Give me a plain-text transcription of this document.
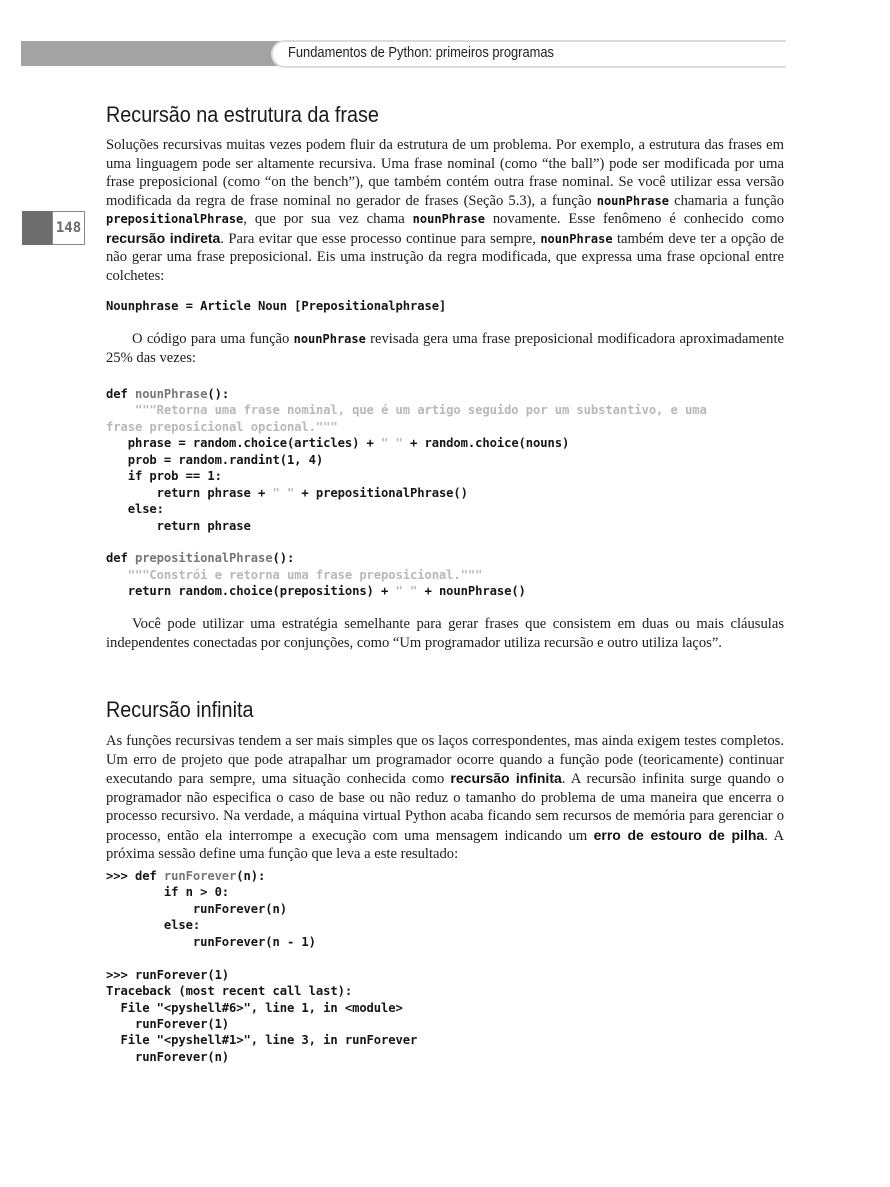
Fundamentos de Python: primeiros programas
148
Recursão na estrutura da frase

Soluções recursivas muitas vezes podem fluir da estrutura de um problema. Por exemplo, a estrutura das frases em uma linguagem pode ser altamente recursiva. Uma frase nominal (como “the ball”) pode ser modificada por uma frase preposicional (como “on the bench”), que também contém outra frase nominal. Se você utilizar essa versão modificada da regra de frase nominal no gerador de frases (Seção 5.3), a função nounPhrase chamaria a função prepositionalPhrase, que por sua vez chama nounPhrase novamente. Esse fenômeno é conhecido como recursão indireta. Para evitar que esse processo continue para sempre, nounPhrase também deve ter a opção de não gerar uma frase preposicional. Eis uma instrução da regra modificada, que expressa uma frase opcional entre colchetes:

Nounphrase = Article Noun [Prepositionalphrase]

O código para uma função nounPhrase revisada gera uma frase preposicional modificadora aproximadamente 25% das vezes:

def nounPhrase():
"""Retorna uma frase nominal, que é um artigo seguido por um substantivo, e uma
frase preposicional opcional."""
phrase = random.choice(articles) + " " + random.choice(nouns)
prob = random.randint(1, 4)
if prob == 1:
return phrase + " " + prepositionalPhrase()
else:
return phrase
def prepositionalPhrase():
"""Constrói e retorna uma frase preposicional."""
return random.choice(prepositions) + " " + nounPhrase()

Você pode utilizar uma estratégia semelhante para gerar frases que consistem em duas ou mais cláusulas independentes conectadas por conjunções, como “Um programador utiliza recursão e outro utiliza laços”.

Recursão infinita

As funções recursivas tendem a ser mais simples que os laços correspondentes, mas ainda exigem testes completos. Um erro de projeto que pode atrapalhar um programador ocorre quando a função pode (teoricamente) continuar executando para sempre, uma situação conhecida como recursão infinita. A recursão infinita surge quando o programador não especifica o caso de base ou não reduz o tamanho do problema de uma maneira que encerra o processo recursivo. Na verdade, a máquina virtual Python acaba ficando sem recursos de memória para gerenciar o processo, então ela interrompe a execução com uma mensagem indicando um erro de estouro de pilha. A próxima sessão define uma função que leva a este resultado:

>>> def runForever(n):
if n > 0:
runForever(n)
else:
runForever(n - 1)
>>> runForever(1)
Traceback (most recent call last):
File "<pyshell#6>", line 1, in <module>
runForever(1)
File "<pyshell#1>", line 3, in runForever
runForever(n)
